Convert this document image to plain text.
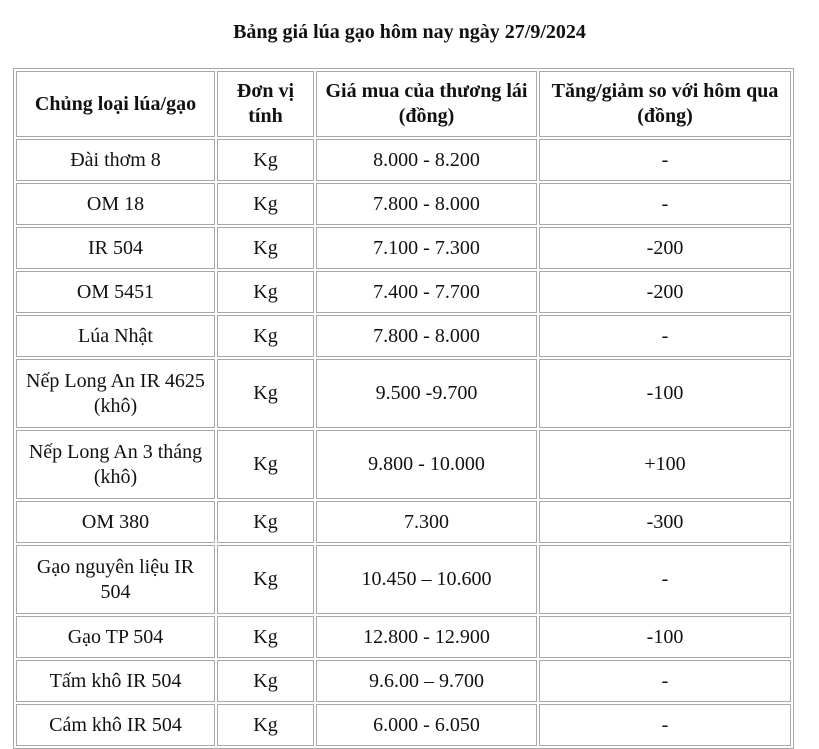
Bảng giá lúa gạo hôm nay ngày 27/9/2024
Chủng loại lúa/gạo	Đơn vị tính	Giá mua của thương lái (đồng)	Tăng/giảm so với hôm qua (đồng)
Đài thơm 8	Kg	8.000 - 8.200	-
OM 18	Kg	7.800 - 8.000	-
IR 504	Kg	7.100 - 7.300	-200
OM 5451	Kg	7.400 - 7.700	-200
Lúa Nhật	Kg	7.800 - 8.000	-
Nếp Long An IR 4625 (khô)	Kg	9.500 -9.700	-100
Nếp Long An 3 tháng (khô)	Kg	9.800 - 10.000	+100
OM 380	Kg	7.300	-300
Gạo nguyên liệu IR 504	Kg	10.450 – 10.600	-
Gạo TP 504	Kg	12.800 - 12.900	-100
Tấm khô IR 504	Kg	9.6.00 – 9.700	-
Cám khô IR 504	Kg	6.000 - 6.050	-
